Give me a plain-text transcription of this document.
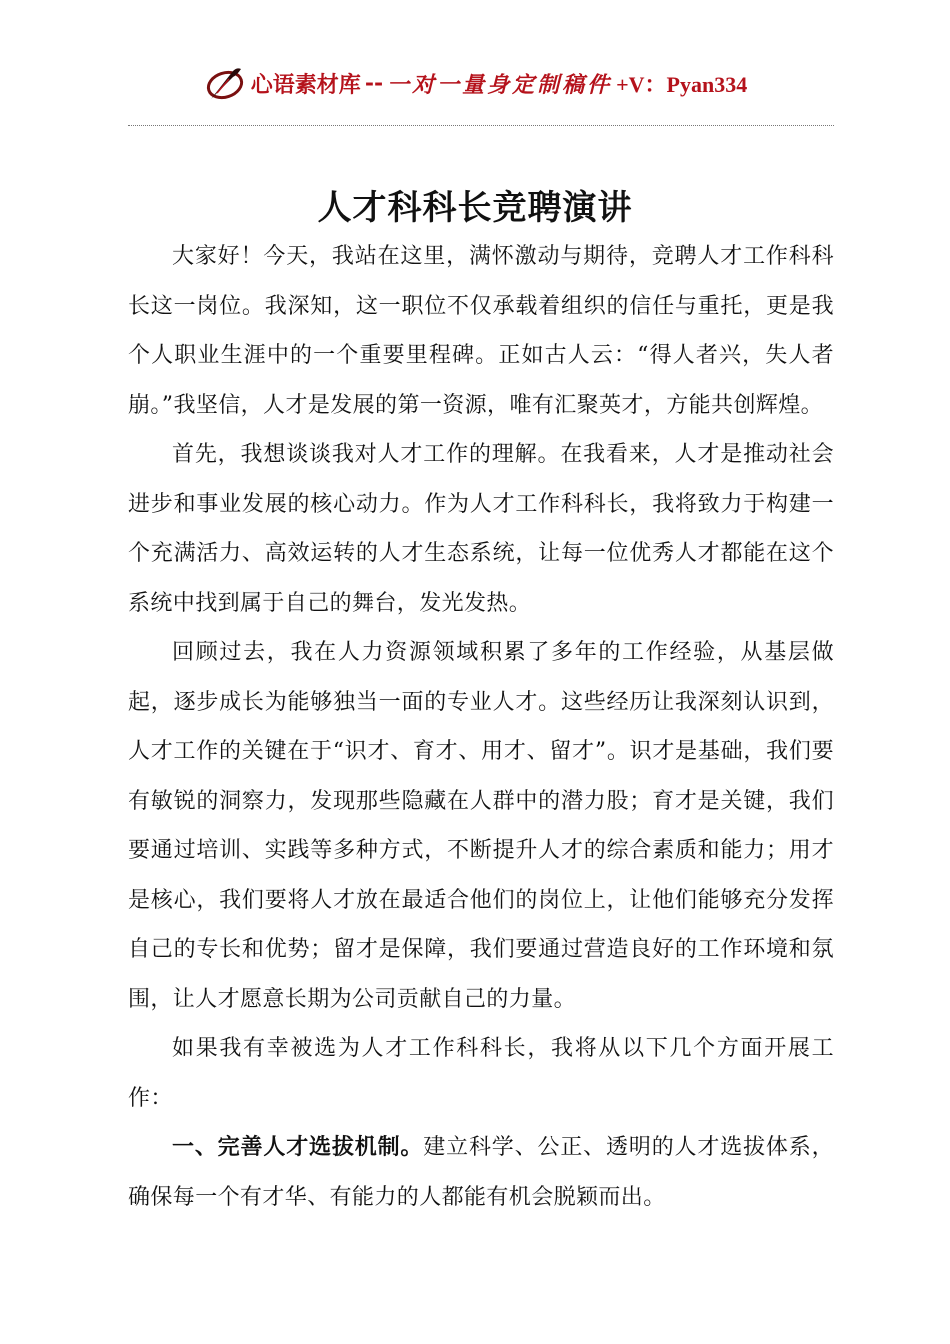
心语素材库 -- 一对一量身定制稿件 +V：Pyan334
人才科科长竞聘演讲

大家好！今天，我站在这里，满怀激动与期待，竞聘人才工作科科长这一岗位。我深知，这一职位不仅承载着组织的信任与重托，更是我个人职业生涯中的一个重要里程碑。正如古人云：“得人者兴，失人者崩。”我坚信，人才是发展的第一资源，唯有汇聚英才，方能共创辉煌。

首先，我想谈谈我对人才工作的理解。在我看来，人才是推动社会进步和事业发展的核心动力。作为人才工作科科长，我将致力于构建一个充满活力、高效运转的人才生态系统，让每一位优秀人才都能在这个系统中找到属于自己的舞台，发光发热。

回顾过去，我在人力资源领域积累了多年的工作经验，从基层做起，逐步成长为能够独当一面的专业人才。这些经历让我深刻认识到，人才工作的关键在于“识才、育才、用才、留才”。识才是基础，我们要有敏锐的洞察力，发现那些隐藏在人群中的潜力股；育才是关键，我们要通过培训、实践等多种方式，不断提升人才的综合素质和能力；用才是核心，我们要将人才放在最适合他们的岗位上，让他们能够充分发挥自己的专长和优势；留才是保障，我们要通过营造良好的工作环境和氛围，让人才愿意长期为公司贡献自己的力量。

如果我有幸被选为人才工作科科长，我将从以下几个方面开展工作：

一、完善人才选拔机制。建立科学、公正、透明的人才选拔体系，确保每一个有才华、有能力的人都能有机会脱颖而出。
